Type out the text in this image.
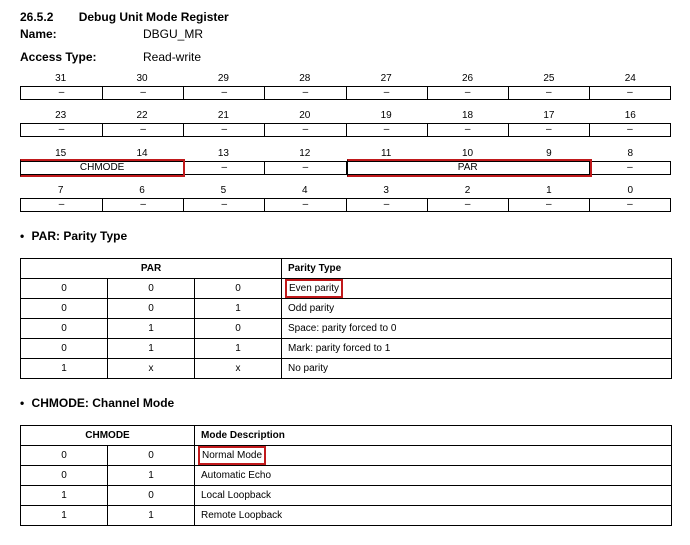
26.5.2 Debug Unit Mode Register
Name:	DBGU_MR
Access Type:	Read-write
31	30	29	28	27	26	25	24
–	–	–	–	–	–	–	–
23	22	21	20	19	18	17	16
–	–	–	–	–	–	–	–
15	14	13	12	11	10	9	8
CHMODE	–	–	PAR	–
7	6	5	4	3	2	1	0
–	–	–	–	–	–	–	–
• PAR: Parity Type
PAR			Parity Type
0	0	0	Even parity
0	0	1	Odd parity
0	1	0	Space: parity forced to 0
0	1	1	Mark: parity forced to 1
1	x	x	No parity
• CHMODE: Channel Mode
CHMODE		Mode Description
0	0	Normal Mode
0	1	Automatic Echo
1	0	Local Loopback
1	1	Remote Loopback
